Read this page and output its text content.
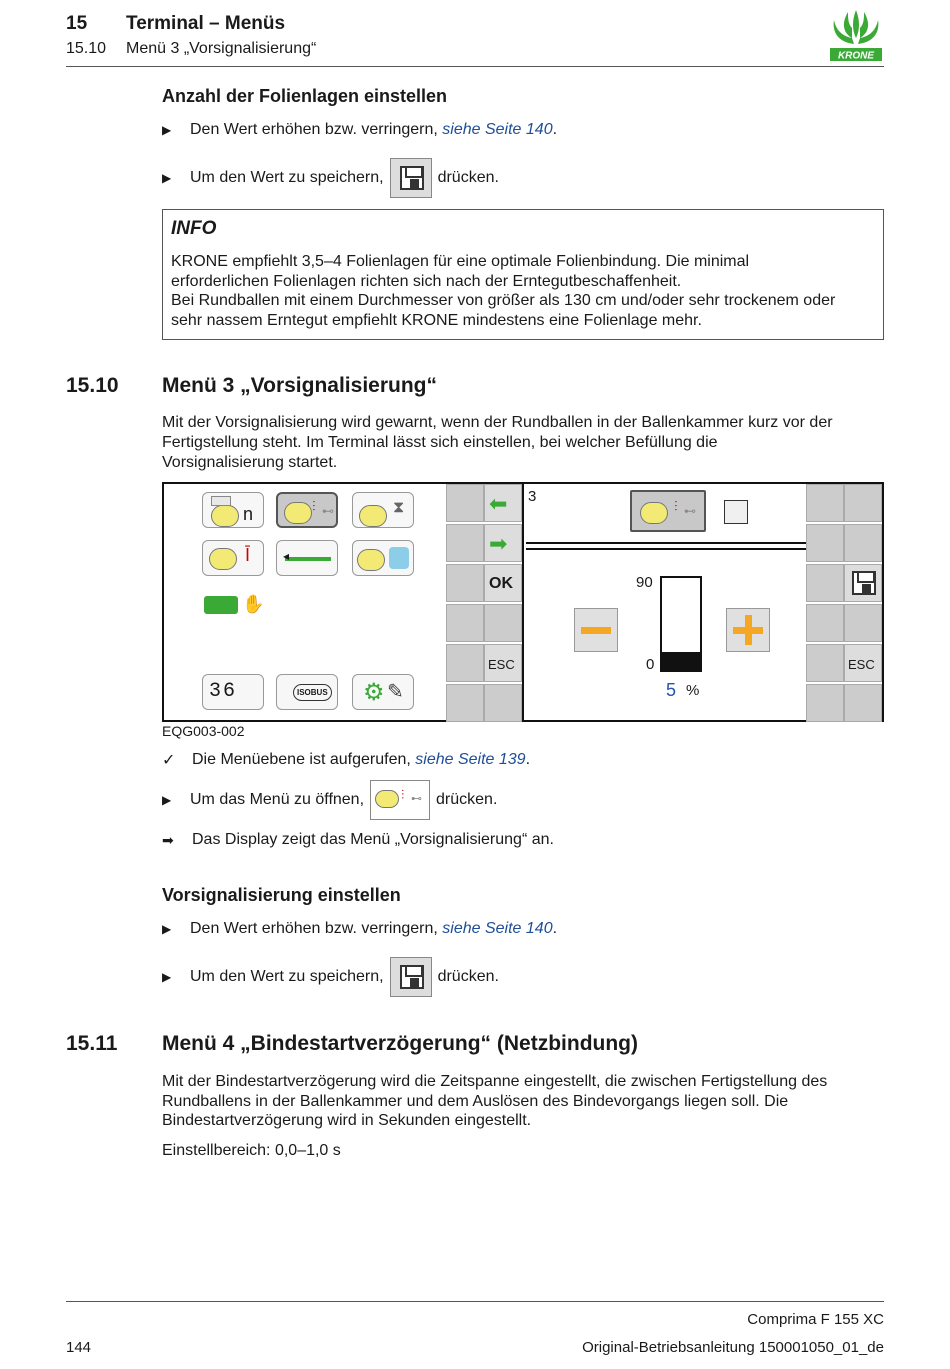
15 Terminal – Menüs
15.10 Menü 3 „Vorsignalisierung“	KRONE
Anzahl der Folienlagen einstellen
▶	Den Wert erhöhen bzw. verringern,
siehe Seite 140 .
▶	Um den Wert zu speichern,	drücken.
INFO
KRONE empfiehlt 3,5–4 Folienlagen für eine optimale Folienbindung. Die minimal
erforderlichen Folienlagen richten sich nach der Erntegutbeschaffenheit.
Bei Rundballen mit einem Durchmesser von größer als 130 cm und/oder sehr trockenem oder
sehr nassem Erntegut empfiehlt KRONE mindestens eine Folienlage mehr.
15.10 Menü 3 „Vorsignalisierung“
Mit der Vorsignalisierung wird gewarnt, wenn der Rundballen in der Ballenkammer kurz vor der
Fertigstellung steht. Im Terminal lässt sich einstellen, bei welcher Befüllung die
Vorsignalisierung startet.
n	⫶ ⊷	⧗
Ī	◂
✋
36	ISOBUS ⚙ ✎
⬅
➡
OK
ESC
3
⫶ ⊷
90
0
5 %
ESC
EQG003-002
✓	Die Menüebene ist aufgerufen,
siehe Seite 139 .
▶	Um das Menü zu öffnen,	⫶ ⊷ drücken.
➡	Das Display zeigt das Menü „Vorsignalisierung“ an.
Vorsignalisierung einstellen
▶	Den Wert erhöhen bzw. verringern,
siehe Seite 140 .
▶	Um den Wert zu speichern,	drücken.
15.11 Menü 4 „Bindestartverzögerung“ (Netzbindung)
Mit der Bindestartverzögerung wird die Zeitspanne eingestellt, die zwischen Fertigstellung des
Rundballens in der Ballenkammer und dem Auslösen des Bindevorgangs liegen soll. Die
Bindestartverzögerung wird in Sekunden eingestellt.
Einstellbereich: 0,0–1,0 s
Comprima F 155 XC
144	Original-Betriebsanleitung 150001050_01_de
